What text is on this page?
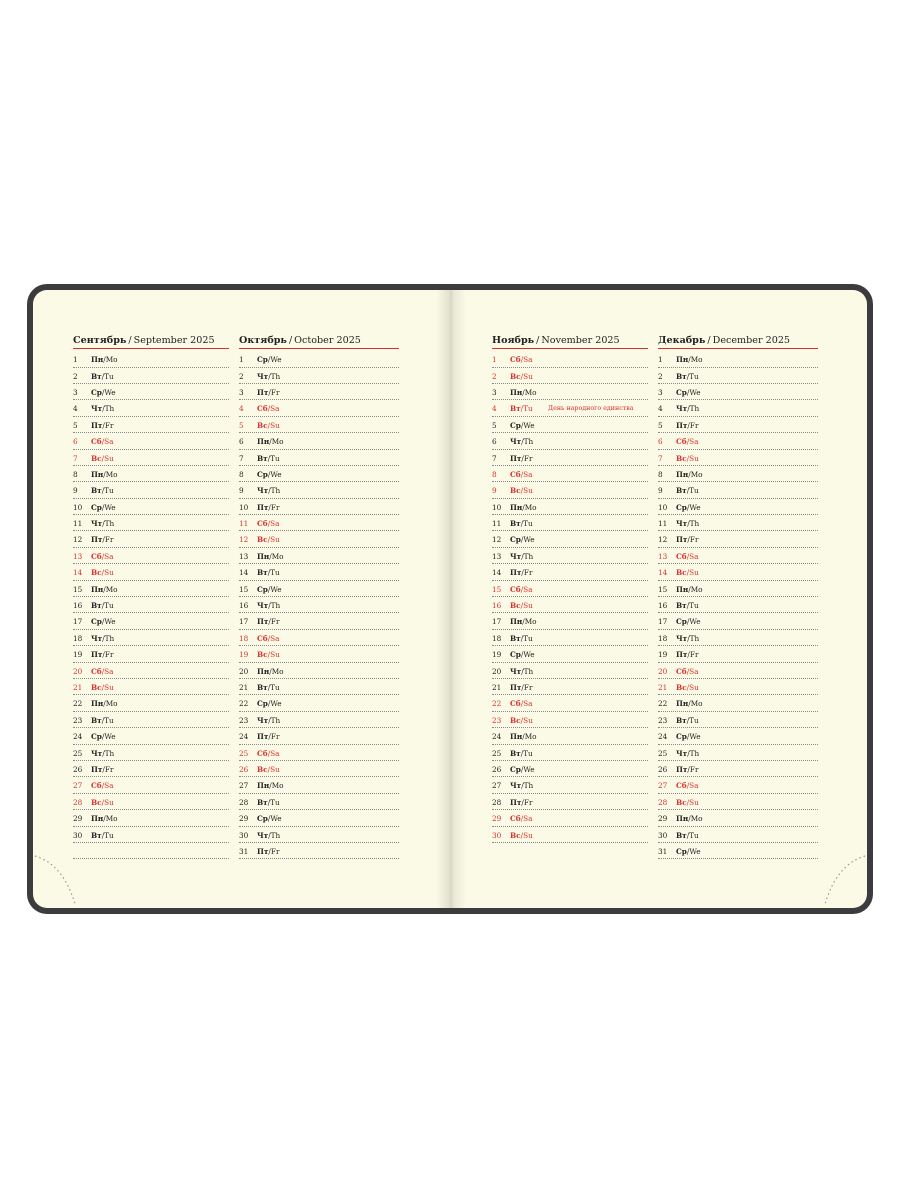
Сентябрь / September 2025
1 Пн/Mo
2 Вт/Tu
3 Ср/We
4 Чт/Th
5 Пт/Fr
6 Сб/Sa
7 Вс/Su
8 Пн/Mo
9 Вт/Tu
10 Ср/We
11 Чт/Th
12 Пт/Fr
13 Сб/Sa
14 Вс/Su
15 Пн/Mo
16 Вт/Tu
17 Ср/We
18 Чт/Th
19 Пт/Fr
20 Сб/Sa
21 Вс/Su
22 Пн/Mo
23 Вт/Tu
24 Ср/We
25 Чт/Th
26 Пт/Fr
27 Сб/Sa
28 Вс/Su
29 Пн/Mo
30 Вт/Tu
Октябрь / October 2025
1 Ср/We
2 Чт/Th
3 Пт/Fr
4 Сб/Sa
5 Вс/Su
6 Пн/Mo
7 Вт/Tu
8 Ср/We
9 Чт/Th
10 Пт/Fr
11 Сб/Sa
12 Вс/Su
13 Пн/Mo
14 Вт/Tu
15 Ср/We
16 Чт/Th
17 Пт/Fr
18 Сб/Sa
19 Вс/Su
20 Пн/Mo
21 Вт/Tu
22 Ср/We
23 Чт/Th
24 Пт/Fr
25 Сб/Sa
26 Вс/Su
27 Пн/Mo
28 Вт/Tu
29 Ср/We
30 Чт/Th
31 Пт/Fr
Ноябрь / November 2025
1 Сб/Sa
2 Вс/Su
3 Пн/Mo
4 Вт/Tu День народного единства
5 Ср/We
6 Чт/Th
7 Пт/Fr
8 Сб/Sa
9 Вс/Su
10 Пн/Mo
11 Вт/Tu
12 Ср/We
13 Чт/Th
14 Пт/Fr
15 Сб/Sa
16 Вс/Su
17 Пн/Mo
18 Вт/Tu
19 Ср/We
20 Чт/Th
21 Пт/Fr
22 Сб/Sa
23 Вс/Su
24 Пн/Mo
25 Вт/Tu
26 Ср/We
27 Чт/Th
28 Пт/Fr
29 Сб/Sa
30 Вс/Su
Декабрь / December 2025
1 Пн/Mo
2 Вт/Tu
3 Ср/We
4 Чт/Th
5 Пт/Fr
6 Сб/Sa
7 Вс/Su
8 Пн/Mo
9 Вт/Tu
10 Ср/We
11 Чт/Th
12 Пт/Fr
13 Сб/Sa
14 Вс/Su
15 Пн/Mo
16 Вт/Tu
17 Ср/We
18 Чт/Th
19 Пт/Fr
20 Сб/Sa
21 Вс/Su
22 Пн/Mo
23 Вт/Tu
24 Ср/We
25 Чт/Th
26 Пт/Fr
27 Сб/Sa
28 Вс/Su
29 Пн/Mo
30 Вт/Tu
31 Ср/We
